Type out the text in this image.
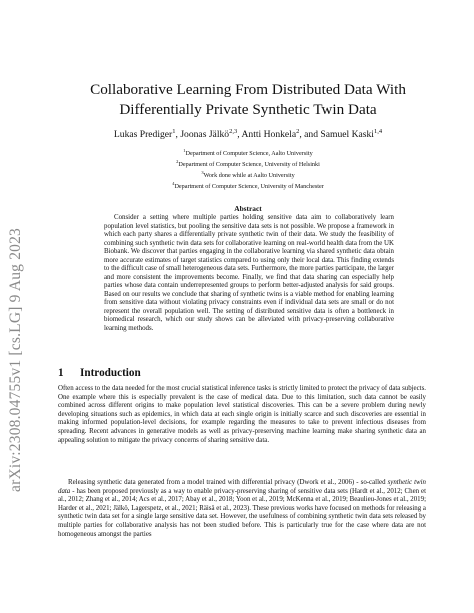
arXiv:2308.04755v1 [cs.LG] 9 Aug 2023
Collaborative Learning From Distributed Data With
Differentially Private Synthetic Twin Data
Lukas Prediger$^1$, Joonas Jälkö$^{2,3}$, Antti Honkela$^2$, and Samuel Kaski$^{1,4}$
$^1$Department of Computer Science, Aalto University
$^2$Department of Computer Science, University of Helsinki
$^3$Work done while at Aalto University
$^4$Department of Computer Science, University of Manchester
Abstract
Consider a setting where multiple parties holding sensitive data aim to collaboratively learn population level statistics, but pooling the sensitive data sets is not possible. We propose a framework in which each party shares a differentially private synthetic twin of their data. We study the feasibility of combining such synthetic twin data sets for collaborative learning on real-world health data from the UK Biobank. We discover that parties engaging in the collaborative learning via shared synthetic data obtain more accurate estimates of target statistics compared to using only their local data. This finding extends to the difficult case of small heterogeneous data sets. Furthermore, the more parties participate, the larger and more consistent the improvements become. Finally, we find that data sharing can especially help parties whose data contain underrepresented groups to perform better-adjusted analysis for said groups. Based on our results we conclude that sharing of synthetic twins is a viable method for enabling learning from sensitive data without violating privacy constraints even if individual data sets are small or do not represent the overall population well. The setting of distributed sensitive data is often a bottleneck in biomedical research, which our study shows can be alleviated with privacy-preserving collaborative learning methods.
1 Introduction
Often access to the data needed for the most crucial statistical inference tasks is strictly limited to protect the privacy of data subjects. One example where this is especially prevalent is the case of medical data. Due to this limitation, such data cannot be easily combined across different origins to make population level statistical discoveries. This can be a severe problem during newly developing situations such as epidemics, in which data at each single origin is initially scarce and such discoveries are essential in making informed population-level decisions, for example regarding the measures to take to prevent infectious diseases from spreading. Recent advances in generative models as well as privacy-preserving machine learning make sharing synthetic data an appealing solution to mitigate the privacy concerns of sharing sensitive data.
Releasing synthetic data generated from a model trained with differential privacy (Dwork et al., 2006) - so-called synthetic twin data - has been proposed previously as a way to enable privacy-preserving sharing of sensitive data sets (Hardt et al., 2012; Chen et al., 2012; Zhang et al., 2014; Acs et al., 2017; Abay et al., 2018; Yoon et al., 2019; McKenna et al., 2019; Beaulieu-Jones et al., 2019; Harder et al., 2021; Jälkö, Lagerspetz, et al., 2021; Räisä et al., 2023). These previous works have focused on methods for releasing a synthetic twin data set for a single large sensitive data set. However, the usefulness of combining synthetic twin data sets released by multiple parties for collaborative analysis has not been studied before. This is particularly true for the case where data are not homogeneous amongst the parties
